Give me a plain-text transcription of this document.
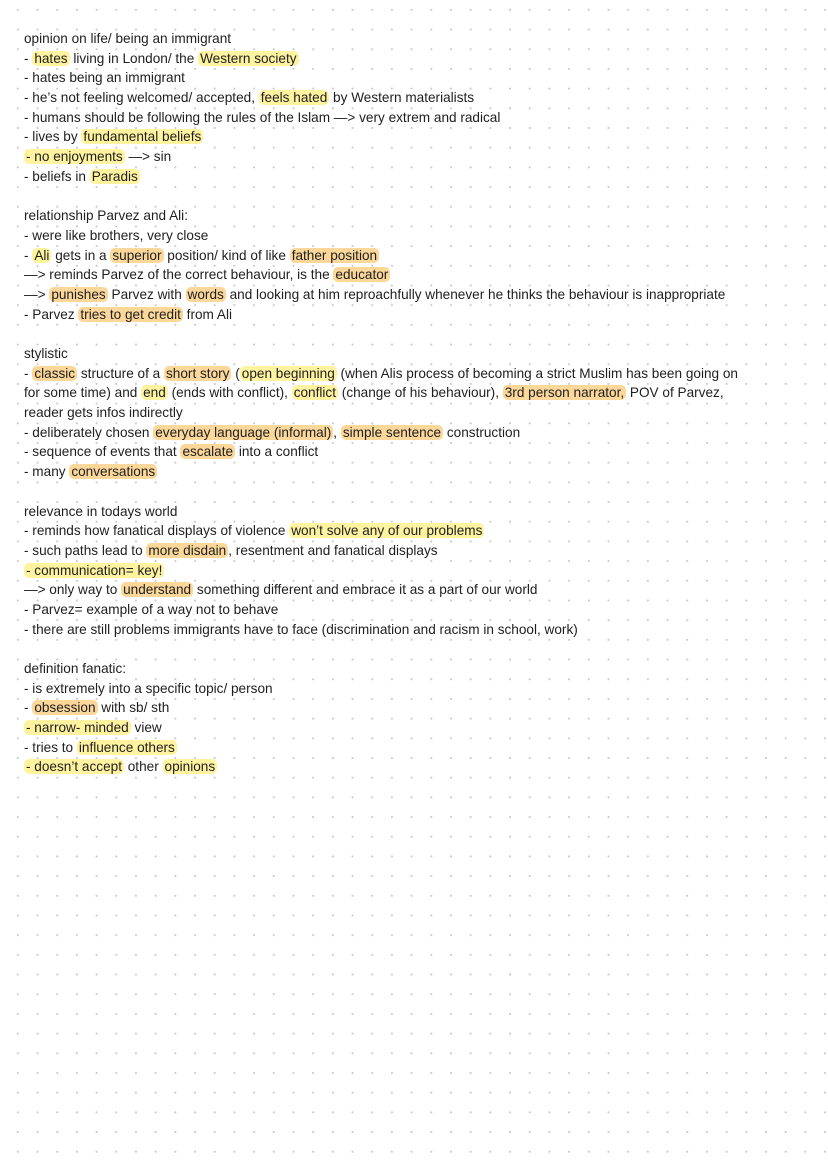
opinion on life/ being an immigrant
- hates living in London/ the Western society
- hates being an immigrant
- he’s not feeling welcomed/ accepted, feels hated by Western materialists
- humans should be following the rules of the Islam —> very extrem and radical
- lives by fundamental beliefs
- no enjoyments —> sin
- beliefs in Paradis
relationship Parvez and Ali:
- were like brothers, very close
- Ali gets in a superior position/ kind of like father position
—> reminds Parvez of the correct behaviour, is the educator
—> punishes Parvez with words and looking at him reproachfully whenever he thinks the behaviour is inappropriate
- Parvez tries to get credit from Ali
stylistic
- classic structure of a short story ( open beginning (when Alis process of becoming a strict Muslim has been going on
for some time) and end (ends with conflict), conflict (change of his behaviour), 3rd person narrator, POV of Parvez,
reader gets infos indirectly
- deliberately chosen everyday language (informal) , simple sentence construction
- sequence of events that escalate into a conflict
- many conversations
relevance in todays world
- reminds how fanatical displays of violence won’t solve any of our problems
- such paths lead to more disdain , resentment and fanatical displays
- communication= key!
—> only way to understand something different and embrace it as a part of our world
- Parvez= example of a way not to behave
- there are still problems immigrants have to face (discrimination and racism in school, work)
definition fanatic:
- is extremely into a specific topic/ person
- obsession with sb/ sth
- narrow- minded view
- tries to influence others
- doesn’t accept other opinions
